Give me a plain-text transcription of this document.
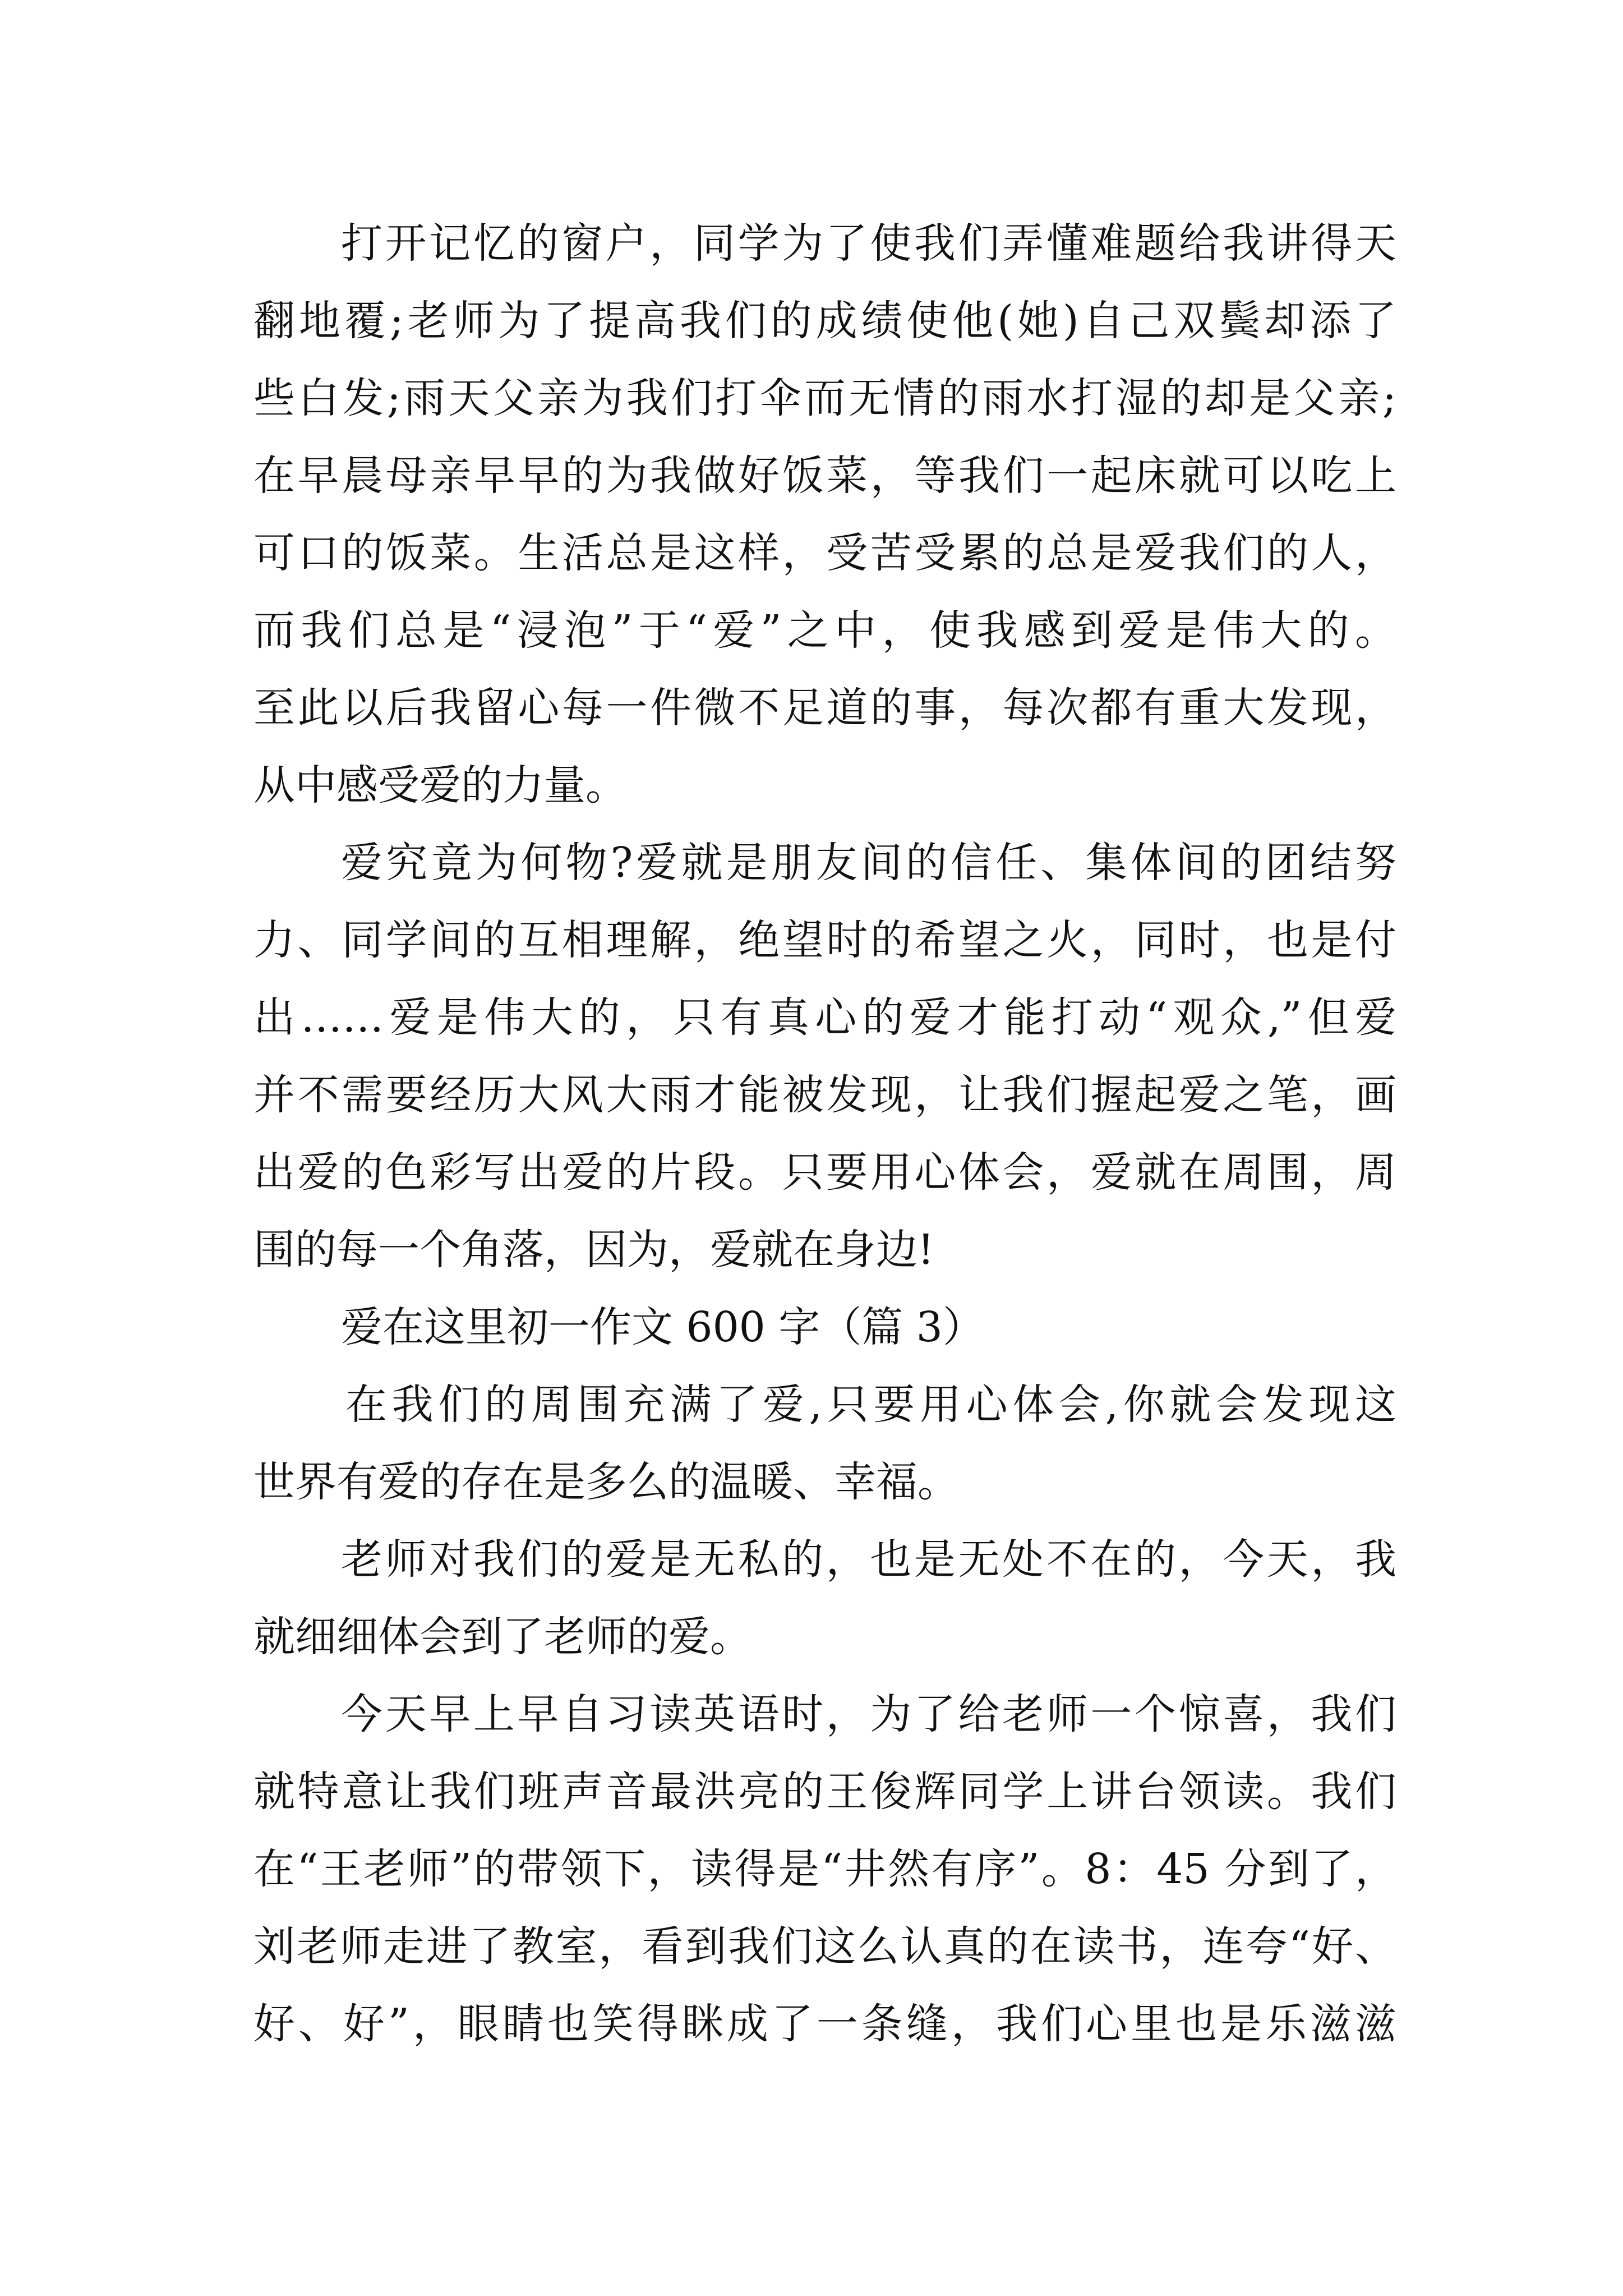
打开记忆的窗户，同学为了使我们弄懂难题给我讲得天
翻地覆;老师为了提高我们的成绩使他(她)自己双鬓却添了
些白发;雨天父亲为我们打伞而无情的雨水打湿的却是父亲;
在早晨母亲早早的为我做好饭菜，等我们一起床就可以吃上
可口的饭菜。生活总是这样，受苦受累的总是爱我们的人，
而我们总是“浸泡”于“爱”之中，使我感到爱是伟大的。
至此以后我留心每一件微不足道的事，每次都有重大发现，
从中感受爱的力量。
爱究竟为何物?爱就是朋友间的信任、集体间的团结努
力、同学间的互相理解，绝望时的希望之火，同时，也是付
出……爱是伟大的，只有真心的爱才能打动“观众,”但爱
并不需要经历大风大雨才能被发现，让我们握起爱之笔，画
出爱的色彩写出爱的片段。只要用心体会，爱就在周围，周
围的每一个角落，因为，爱就在身边!
爱在这里初一作文 600 字（篇 3）
在我们的周围充满了爱,只要用心体会,你就会发现这
世界有爱的存在是多么的温暖、幸福。
老师对我们的爱是无私的，也是无处不在的，今天，我
就细细体会到了老师的爱。
今天早上早自习读英语时，为了给老师一个惊喜，我们
就特意让我们班声音最洪亮的王俊辉同学上讲台领读。我们
在“王老师”的带领下，读得是“井然有序”。8：45 分到了，
刘老师走进了教室，看到我们这么认真的在读书，连夸“好、
好、好”，眼睛也笑得眯成了一条缝，我们心里也是乐滋滋
